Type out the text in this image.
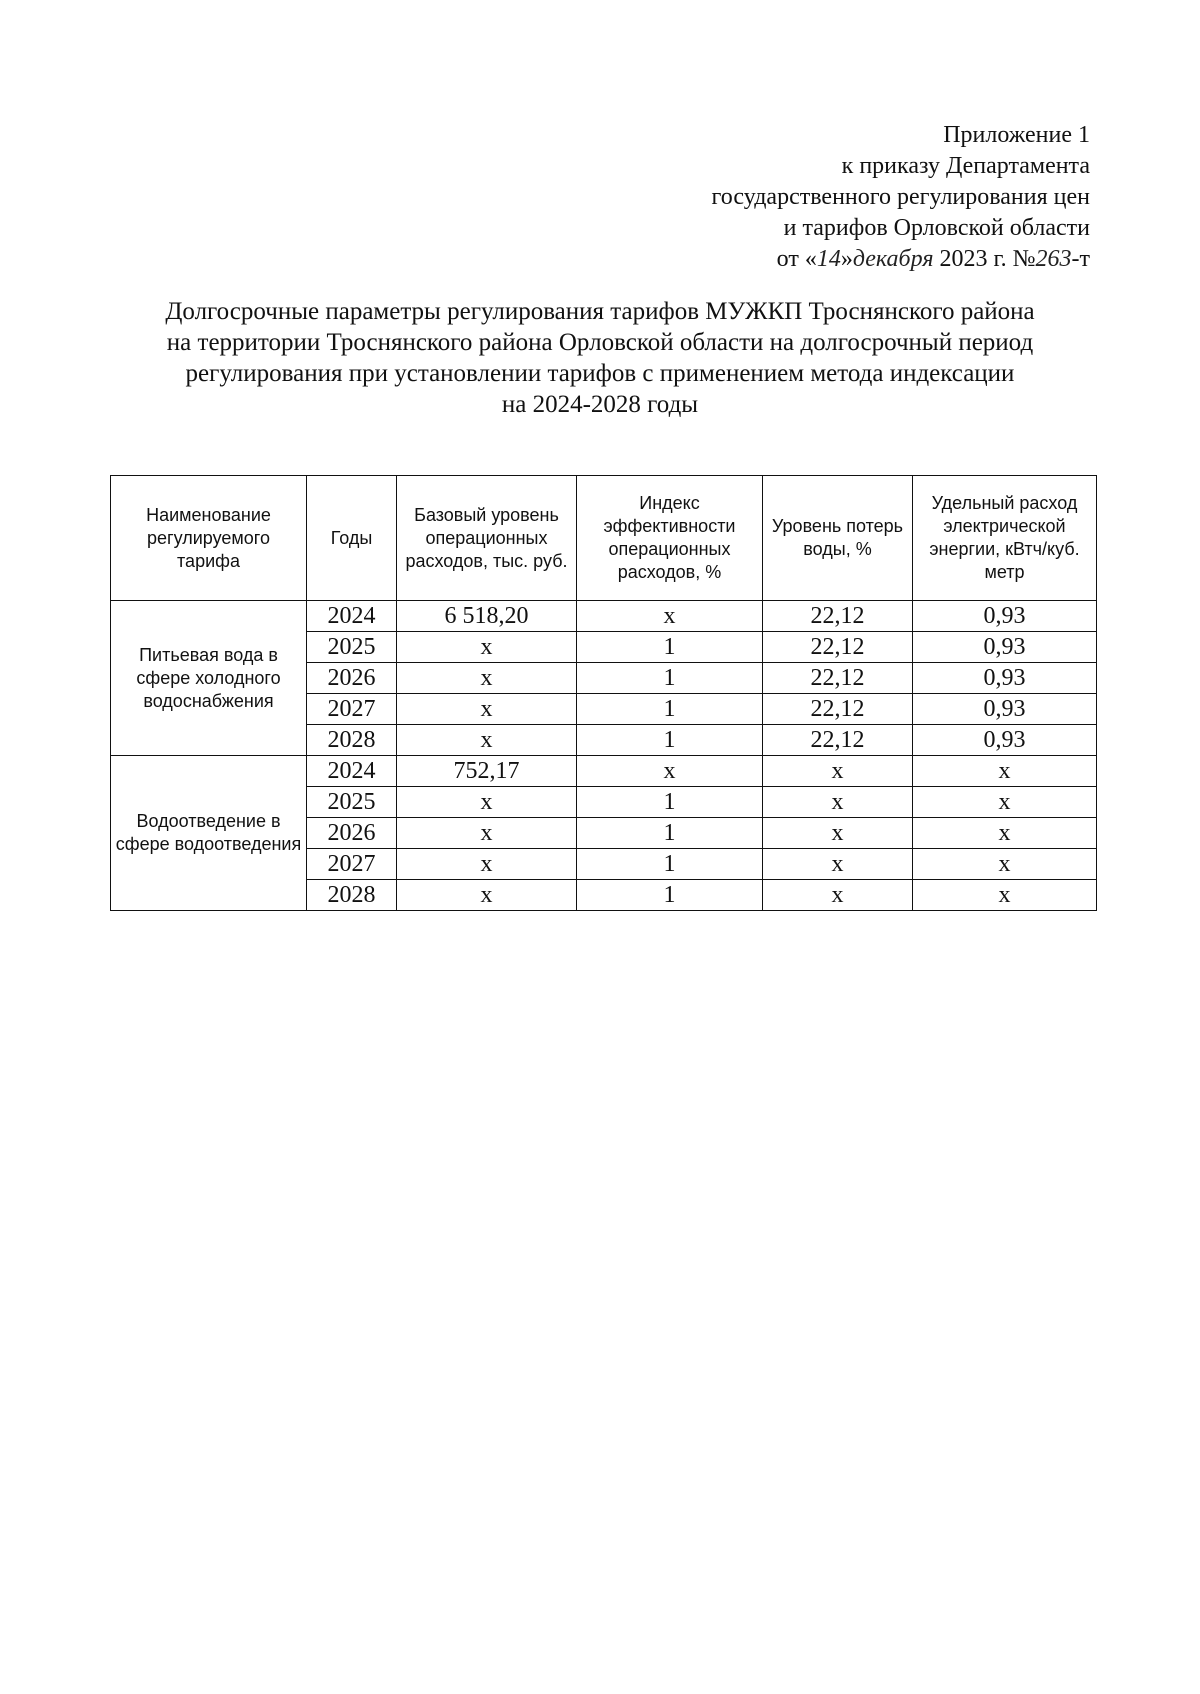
Приложение 1
к приказу Департамента
государственного регулирования цен
и тарифов Орловской области
от «14»декабря 2023 г. №263-т
Долгосрочные параметры регулирования тарифов МУЖКП Троснянского района
на территории Троснянского района Орловской области на долгосрочный период
регулирования при установлении тарифов с применением метода индексации
на 2024-2028 годы
Наименование регулируемого тарифа	Годы	Базовый уровень операционных расходов, тыс. руб.	Индекс эффективности операционных расходов, %	Уровень потерь воды, %	Удельный расход электрической энергии, кВтч/куб. метр
Питьевая вода в сфере холодного водоснабжения	2024	6 518,20	х	22,12	0,93
	2025	х	1	22,12	0,93
	2026	х	1	22,12	0,93
	2027	х	1	22,12	0,93
	2028	х	1	22,12	0,93
Водоотведение в сфере водоотведения	2024	752,17	х	х	х
	2025	х	1	х	х
	2026	х	1	х	х
	2027	х	1	х	х
	2028	х	1	х	х
